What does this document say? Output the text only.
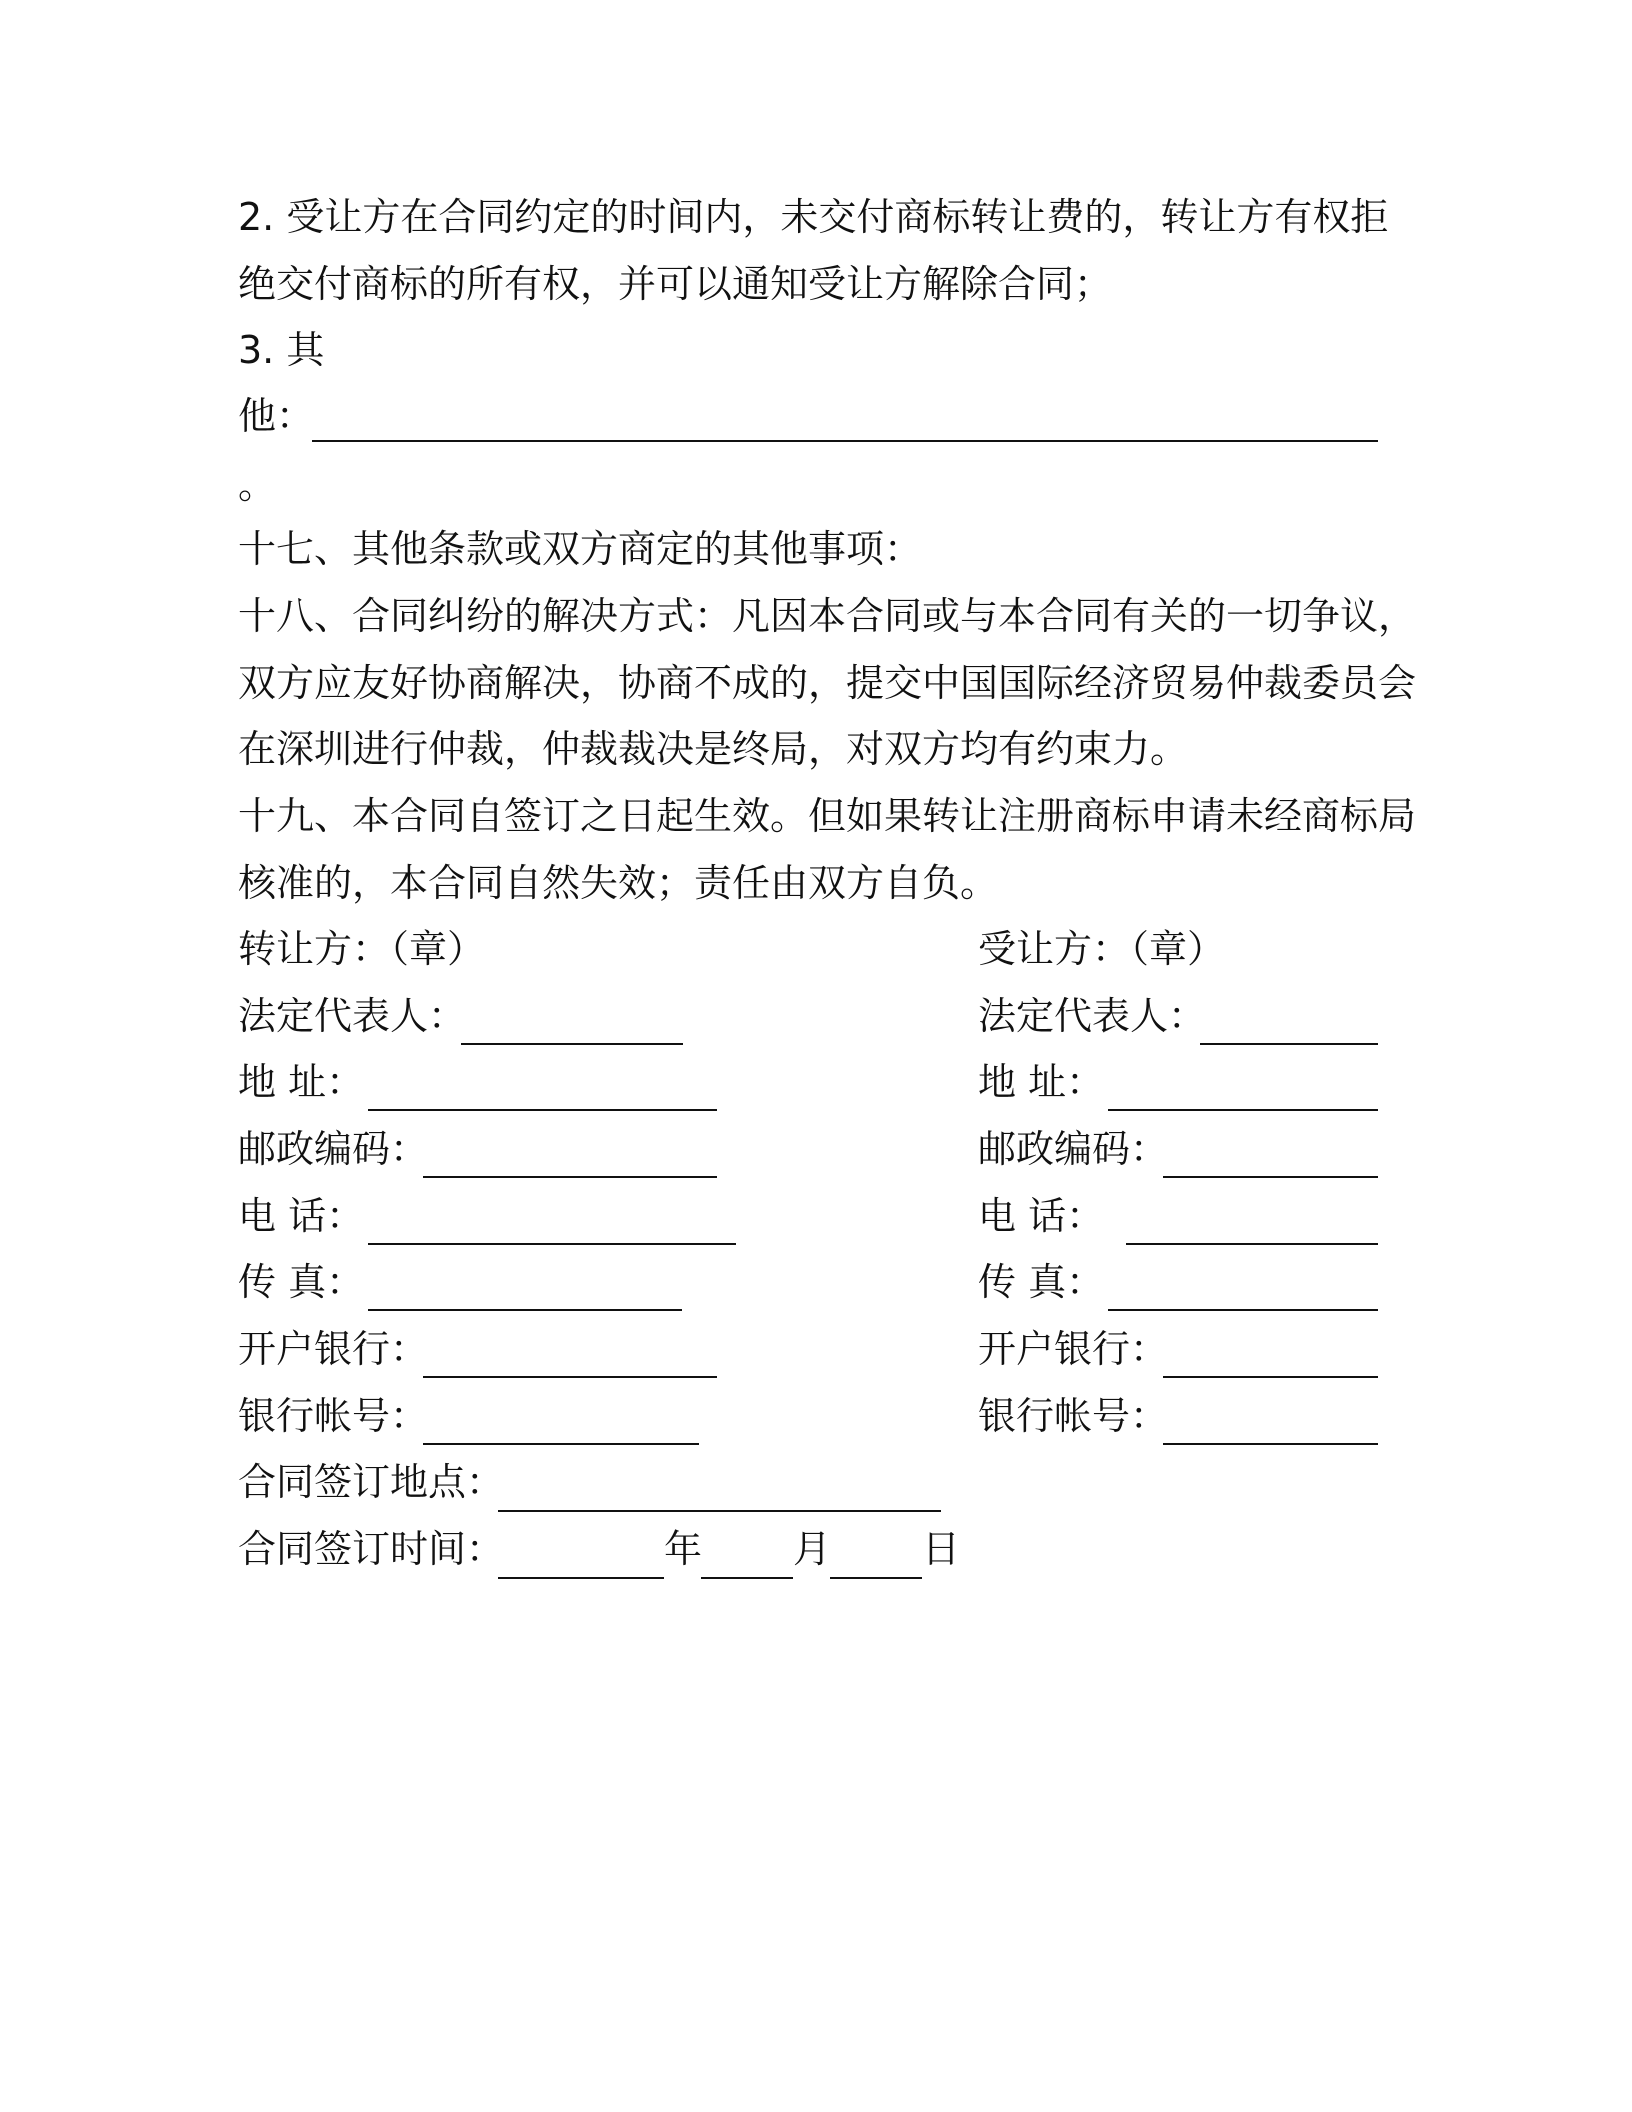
2. 受让方在合同约定的时间内，未交付商标转让费的，转让方有权拒
绝交付商标的所有权，并可以通知受让方解除合同；
3. 其
他：
。
十七、其他条款或双方商定的其他事项：
十八、合同纠纷的解决方式：凡因本合同或与本合同有关的一切争议，
双方应友好协商解决，协商不成的，提交中国国际经济贸易仲裁委员会
在深圳进行仲裁，仲裁裁决是终局，对双方均有约束力。
十九、本合同自签订之日起生效。但如果转让注册商标申请未经商标局
核准的，本合同自然失效；责任由双方自负。
转让方：（章）
法定代表人：
地 址：
邮政编码：
电 话：
传 真：
开户银行：
银行帐号：
受让方：（章）
法定代表人：
地 址：
邮政编码：
电 话：
传 真：
开户银行：
银行帐号：
合同签订地点：
合同签订时间：	年 月 日
